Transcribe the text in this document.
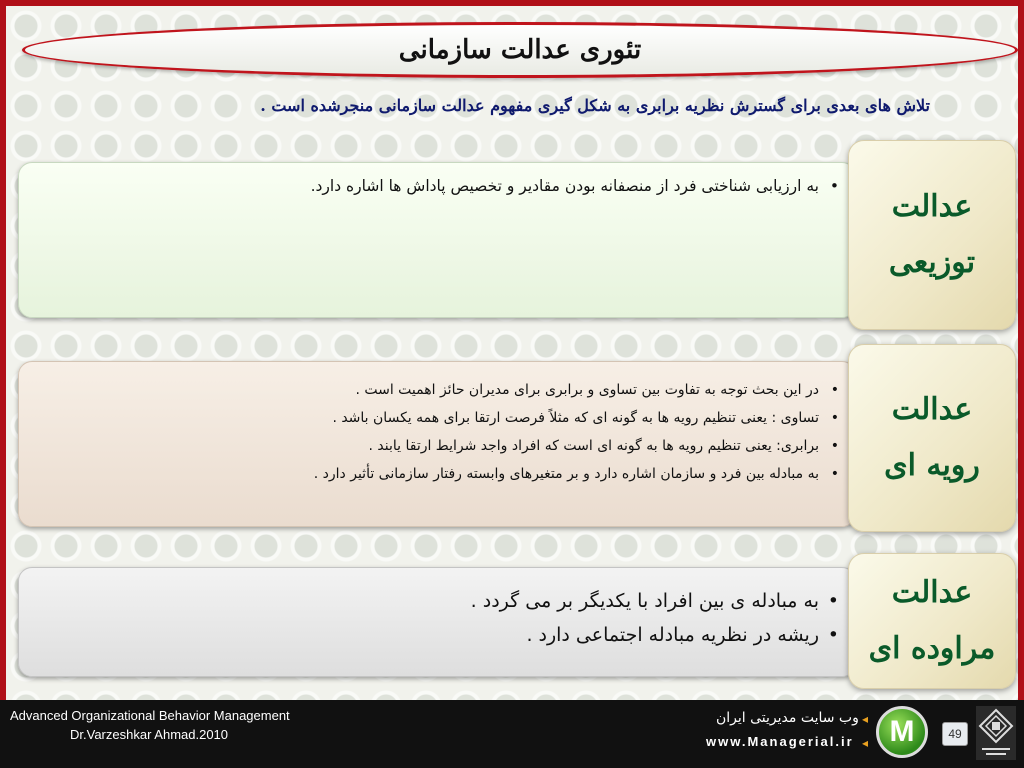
تئوری عدالت سازمانی
تلاش های بعدی برای گسترش نظریه برابری به شکل گیری مفهوم عدالت سازمانی منجرشده است .
• به ارزیابی شناختی فرد از منصفانه بودن مقادیر و تخصیص پاداش ها اشاره دارد.
عدالت
توزیعی
• در این بحث توجه به تفاوت بین تساوی و برابری برای مدیران حائز اهمیت است .
• تساوی : یعنی تنظیم رویه ها به گونه ای که مثلاً فرصت ارتقا برای همه یکسان باشد .
• برابری: یعنی تنظیم رویه ها به گونه ای است که افراد واجد شرایط ارتقا یابند .
• به مبادله بین فرد و سازمان اشاره دارد و بر متغیرهای وابسته رفتار سازمانی تأثیر دارد .
عدالت
رویه ای
• به مبادله ی بین افراد با یکدیگر بر می گردد .
• ریشه در نظریه مبادله اجتماعی دارد .
عدالت
مراوده ای
Advanced Organizational Behavior Management
Dr.Varzeshkar Ahmad.2010
◂
وب سایت مدیریتی ایران
◂
www.Managerial.ir	M	49
